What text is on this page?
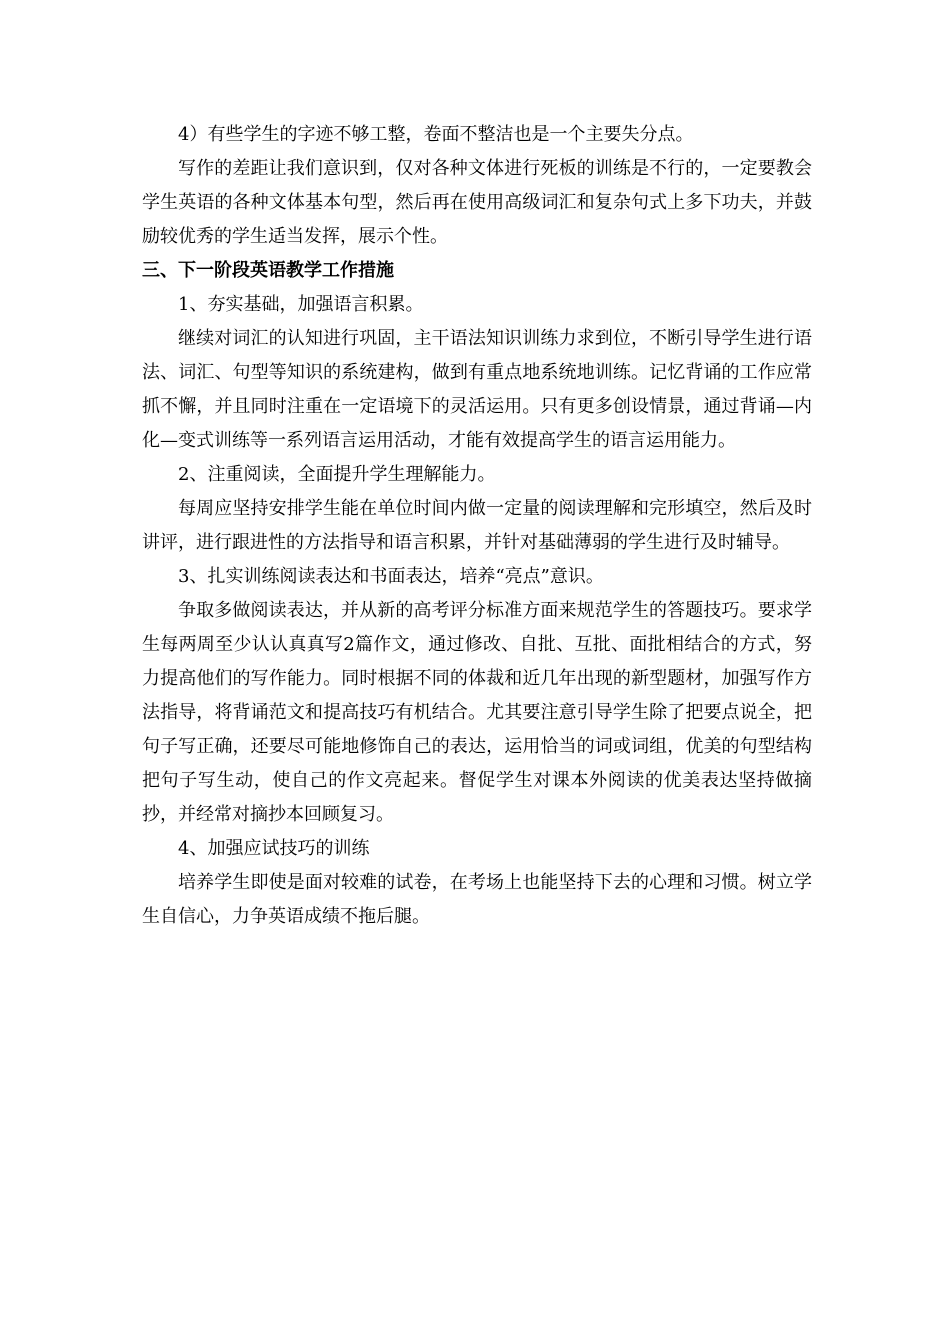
4）有些学生的字迹不够工整，卷面不整洁也是一个主要失分点。

写作的差距让我们意识到，仅对各种文体进行死板的训练是不行的，一定要教会学生英语的各种文体基本句型，然后再在使用高级词汇和复杂句式上多下功夫，并鼓励较优秀的学生适当发挥，展示个性。

三、下一阶段英语教学工作措施

1、夯实基础，加强语言积累。

继续对词汇的认知进行巩固，主干语法知识训练力求到位，不断引导学生进行语法、词汇、句型等知识的系统建构，做到有重点地系统地训练。记忆背诵的工作应常抓不懈，并且同时注重在一定语境下的灵活运用。只有更多创设情景，通过背诵—内化—变式训练等一系列语言运用活动，才能有效提高学生的语言运用能力。

2、注重阅读，全面提升学生理解能力。

每周应坚持安排学生能在单位时间内做一定量的阅读理解和完形填空，然后及时讲评，进行跟进性的方法指导和语言积累，并针对基础薄弱的学生进行及时辅导。

3、扎实训练阅读表达和书面表达，培养“亮点”意识。

争取多做阅读表达，并从新的高考评分标准方面来规范学生的答题技巧。要求学生每两周至少认认真真写2篇作文，通过修改、自批、互批、面批相结合的方式，努力提高他们的写作能力。同时根据不同的体裁和近几年出现的新型题材，加强写作方法指导，将背诵范文和提高技巧有机结合。尤其要注意引导学生除了把要点说全，把句子写正确，还要尽可能地修饰自己的表达，运用恰当的词或词组，优美的句型结构把句子写生动，使自己的作文亮起来。督促学生对课本外阅读的优美表达坚持做摘抄，并经常对摘抄本回顾复习。

4、加强应试技巧的训练

培养学生即使是面对较难的试卷，在考场上也能坚持下去的心理和习惯。树立学生自信心，力争英语成绩不拖后腿。
